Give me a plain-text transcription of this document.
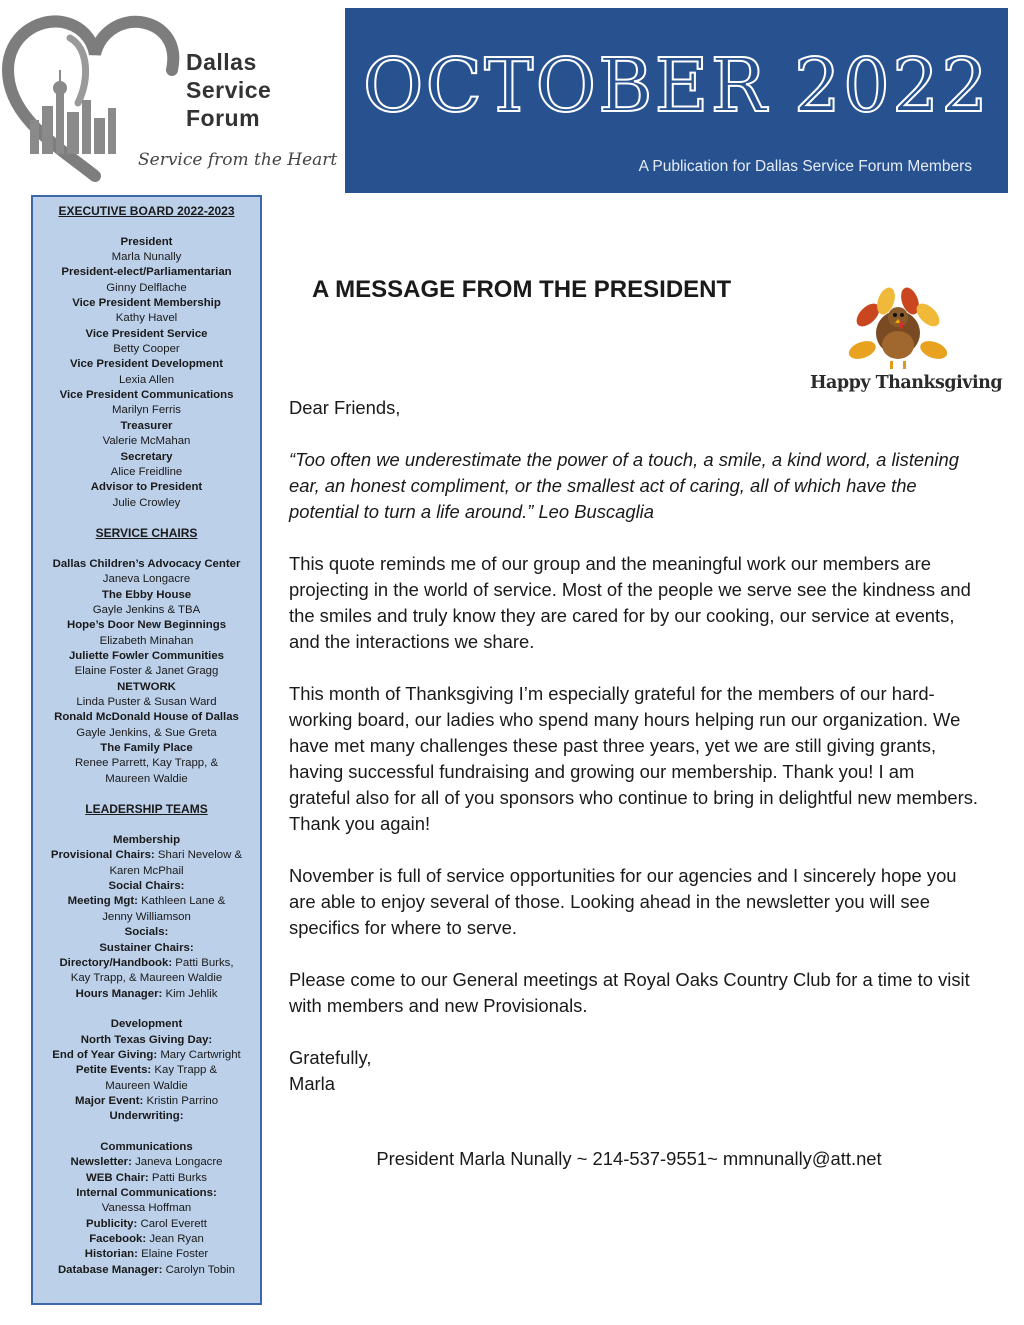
Dallas
Service
Forum
Service from the Heart
OCTOBER 2022
A Publication for Dallas Service Forum Members
EXECUTIVE BOARD 2022-2023
President
Marla Nunally
President-elect/Parliamentarian
Ginny Delflache
Vice President Membership
Kathy Havel
Vice President Service
Betty Cooper
Vice President Development
Lexia Allen
Vice President Communications
Marilyn Ferris
Treasurer
Valerie McMahan
Secretary
Alice Freidline
Advisor to President
Julie Crowley
SERVICE CHAIRS
Dallas Children’s Advocacy Center
Janeva Longacre
The Ebby House
Gayle Jenkins & TBA
Hope’s Door New Beginnings
Elizabeth Minahan
Juliette Fowler Communities
Elaine Foster & Janet Gragg
NETWORK
Linda Puster & Susan Ward
Ronald McDonald House of Dallas
Gayle Jenkins, & Sue Greta
The Family Place
Renee Parrett, Kay Trapp, &
Maureen Waldie
LEADERSHIP TEAMS
Membership
Provisional Chairs: Shari Nevelow &
Karen McPhail
Social Chairs:
Meeting Mgt: Kathleen Lane &
Jenny Williamson
Socials:
Sustainer Chairs:
Directory/Handbook: Patti Burks,
Kay Trapp, & Maureen Waldie
Hours Manager: Kim Jehlik
Development
North Texas Giving Day:
End of Year Giving: Mary Cartwright
Petite Events: Kay Trapp &
Maureen Waldie
Major Event: Kristin Parrino
Underwriting:
Communications
Newsletter: Janeva Longacre
WEB Chair: Patti Burks
Internal Communications:
Vanessa Hoffman
Publicity: Carol Everett
Facebook: Jean Ryan
Historian: Elaine Foster
Database Manager: Carolyn Tobin
A MESSAGE FROM THE PRESIDENT
Happy Thanksgiving
Dear Friends,
“Too often we underestimate the power of a touch, a smile, a kind word, a listening ear, an honest compliment, or the smallest act of caring, all of which have the potential to turn a life around.” Leo Buscaglia
This quote reminds me of our group and the meaningful work our members are projecting in the world of service. Most of the people we serve see the kindness and the smiles and truly know they are cared for by our cooking, our service at events, and the interactions we share.
This month of Thanksgiving I’m especially grateful for the members of our hard-working board, our ladies who spend many hours helping run our organization. We have met many challenges these past three years, yet we are still giving grants, having successful fundraising and growing our membership. Thank you! I am grateful also for all of you sponsors who continue to bring in delightful new members. Thank you again!
November is full of service opportunities for our agencies and I sincerely hope you are able to enjoy several of those. Looking ahead in the newsletter you will see specifics for where to serve.
Please come to our General meetings at Royal Oaks Country Club for a time to visit with members and new Provisionals.
Gratefully,
Marla
President Marla Nunally ~ 214-537-9551~ mmnunally@att.net
